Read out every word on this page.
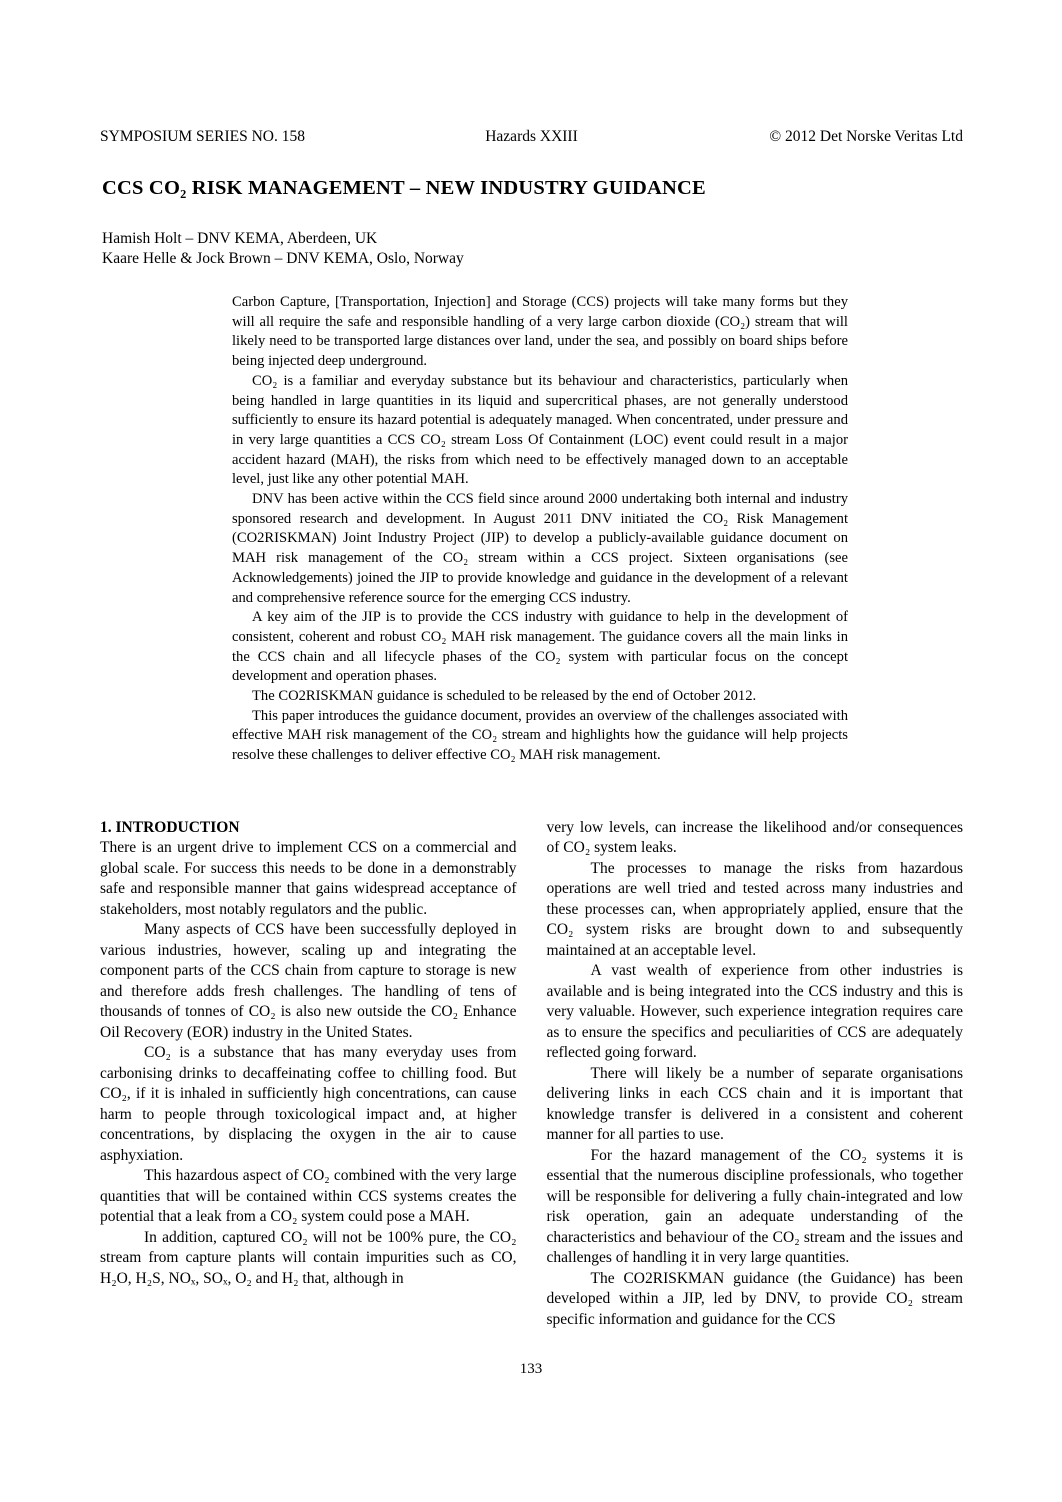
SYMPOSIUM SERIES NO. 158	Hazards XXIII	© 2012 Det Norske Veritas Ltd
CCS CO₂ RISK MANAGEMENT – NEW INDUSTRY GUIDANCE
Hamish Holt – DNV KEMA, Aberdeen, UK
Kaare Helle & Jock Brown – DNV KEMA, Oslo, Norway

Carbon Capture, [Transportation, Injection] and Storage (CCS) projects will take many forms but they will all require the safe and responsible handling of a very large carbon dioxide (CO₂) stream that will likely need to be transported large distances over land, under the sea, and possibly on board ships before being injected deep underground.

CO₂ is a familiar and everyday substance but its behaviour and characteristics, particularly when being handled in large quantities in its liquid and supercritical phases, are not generally understood sufficiently to ensure its hazard potential is adequately managed. When concentrated, under pressure and in very large quantities a CCS CO₂ stream Loss Of Containment (LOC) event could result in a major accident hazard (MAH), the risks from which need to be effectively managed down to an acceptable level, just like any other potential MAH.

DNV has been active within the CCS field since around 2000 undertaking both internal and industry sponsored research and development. In August 2011 DNV initiated the CO₂ Risk Management (CO2RISKMAN) Joint Industry Project (JIP) to develop a publicly-available guidance document on MAH risk management of the CO₂ stream within a CCS project. Sixteen organisations (see Acknowledgements) joined the JIP to provide knowledge and guidance in the development of a relevant and comprehensive reference source for the emerging CCS industry.

A key aim of the JIP is to provide the CCS industry with guidance to help in the development of consistent, coherent and robust CO₂ MAH risk management. The guidance covers all the main links in the CCS chain and all lifecycle phases of the CO₂ system with particular focus on the concept development and operation phases.

The CO2RISKMAN guidance is scheduled to be released by the end of October 2012.

This paper introduces the guidance document, provides an overview of the challenges associated with effective MAH risk management of the CO₂ stream and highlights how the guidance will help projects resolve these challenges to deliver effective CO₂ MAH risk management.

1. INTRODUCTION

There is an urgent drive to implement CCS on a commercial and global scale. For success this needs to be done in a demonstrably safe and responsible manner that gains widespread acceptance of stakeholders, most notably regulators and the public.

Many aspects of CCS have been successfully deployed in various industries, however, scaling up and integrating the component parts of the CCS chain from capture to storage is new and therefore adds fresh challenges. The handling of tens of thousands of tonnes of CO₂ is also new outside the CO₂ Enhance Oil Recovery (EOR) industry in the United States.

CO₂ is a substance that has many everyday uses from carbonising drinks to decaffeinating coffee to chilling food. But CO₂, if it is inhaled in sufficiently high concentrations, can cause harm to people through toxicological impact and, at higher concentrations, by displacing the oxygen in the air to cause asphyxiation.

This hazardous aspect of CO₂ combined with the very large quantities that will be contained within CCS systems creates the potential that a leak from a CO₂ system could pose a MAH.

In addition, captured CO₂ will not be 100% pure, the CO₂ stream from capture plants will contain impurities such as CO, H₂O, H₂S, NOₓ, SOₓ, O₂ and H₂ that, although in

very low levels, can increase the likelihood and/or consequences of CO₂ system leaks.

The processes to manage the risks from hazardous operations are well tried and tested across many industries and these processes can, when appropriately applied, ensure that the CO₂ system risks are brought down to and subsequently maintained at an acceptable level.

A vast wealth of experience from other industries is available and is being integrated into the CCS industry and this is very valuable. However, such experience integration requires care as to ensure the specifics and peculiarities of CCS are adequately reflected going forward.

There will likely be a number of separate organisations delivering links in each CCS chain and it is important that knowledge transfer is delivered in a consistent and coherent manner for all parties to use.

For the hazard management of the CO₂ systems it is essential that the numerous discipline professionals, who together will be responsible for delivering a fully chain-integrated and low risk operation, gain an adequate understanding of the characteristics and behaviour of the CO₂ stream and the issues and challenges of handling it in very large quantities.

The CO2RISKMAN guidance (the Guidance) has been developed within a JIP, led by DNV, to provide CO₂ stream specific information and guidance for the CCS

133
